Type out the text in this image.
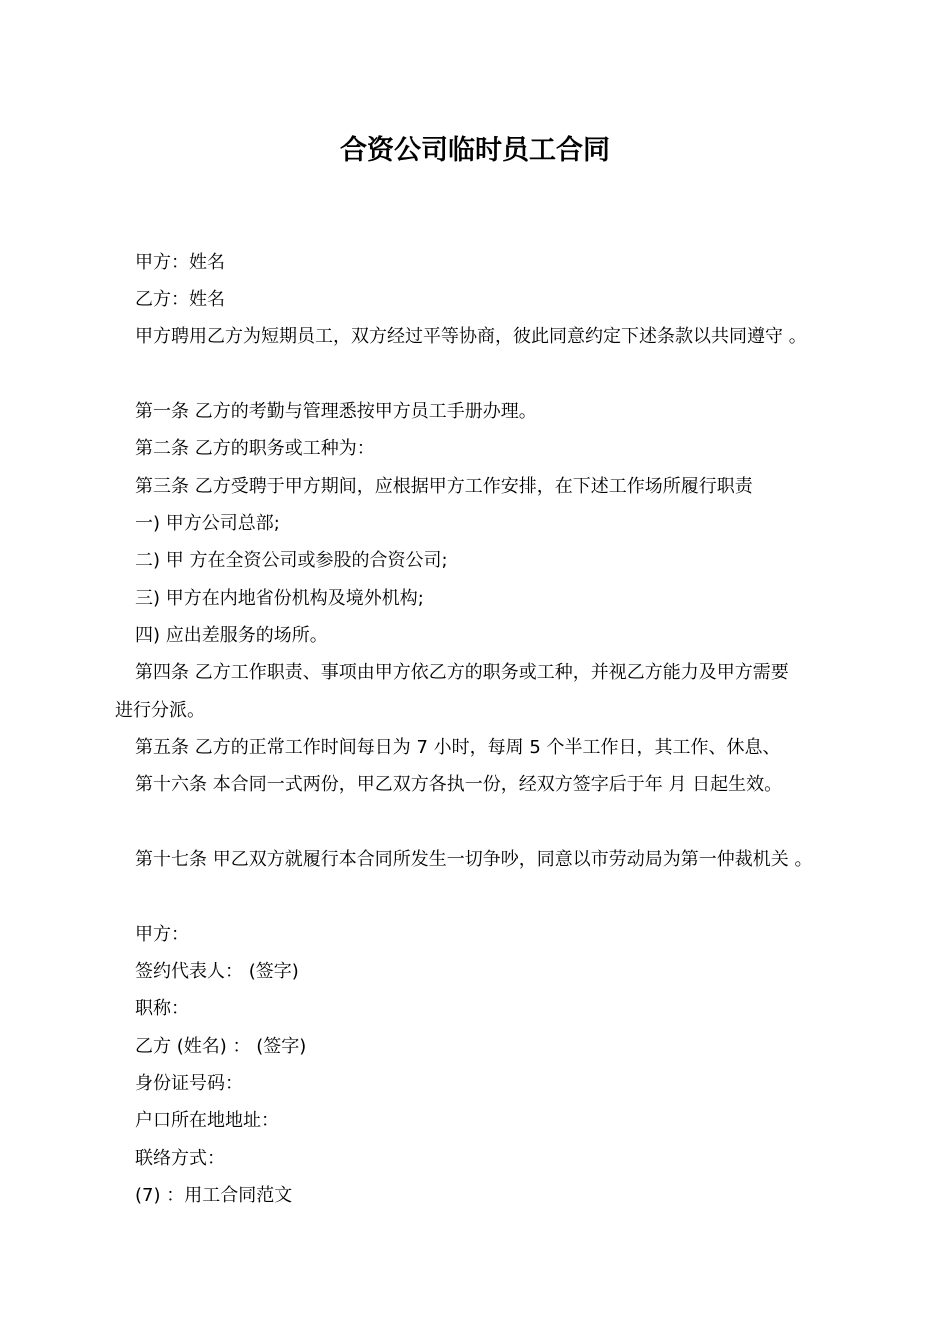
合资公司临时员工合同
甲方：姓名
乙方：姓名
甲方聘用乙方为短期员工，双方经过平等协商，彼此同意约定下述条款以共同遵守 。
第一条 乙方的考勤与管理悉按甲方员工手册办理。
第二条 乙方的职务或工种为：
第三条 乙方受聘于甲方期间，应根据甲方工作安排，在下述工作场所履行职责
一) 甲方公司总部;
二) 甲 方在全资公司或参股的合资公司;
三) 甲方在内地省份机构及境外机构;
四) 应出差服务的场所。
第四条 乙方工作职责、事项由甲方依乙方的职务或工种，并视乙方能力及甲方需要
进行分派。
第五条 乙方的正常工作时间每日为 7 小时，每周 5 个半工作日，其工作、休息、
第十六条 本合同一式两份，甲乙双方各执一份，经双方签字后于年 月 日起生效。
第十七条 甲乙双方就履行本合同所发生一切争吵，同意以市劳动局为第一仲裁机关 。
甲方：
签约代表人： (签字)
职称：
乙方 (姓名) ： (签字)
身份证号码：
户口所在地地址：
联络方式：
(7) ：用工合同范文
